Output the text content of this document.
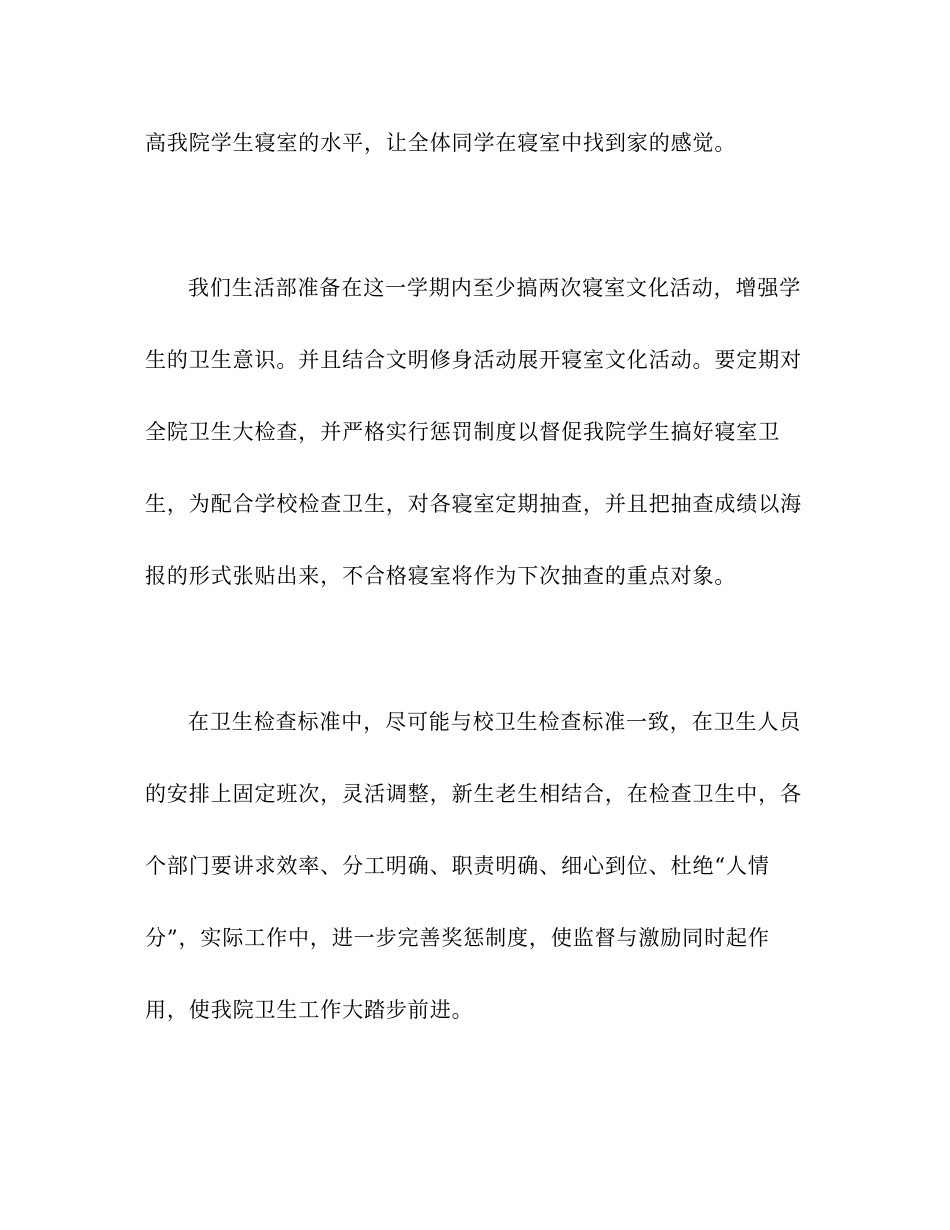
高我院学生寝室的水平，让全体同学在寝室中找到家的感觉。
我们生活部准备在这一学期内至少搞两次寝室文化活动，增强学
生的卫生意识。并且结合文明修身活动展开寝室文化活动。要定期对
全院卫生大检查，并严格实行惩罚制度以督促我院学生搞好寝室卫
生，为配合学校检查卫生，对各寝室定期抽查，并且把抽查成绩以海
报的形式张贴出来，不合格寝室将作为下次抽查的重点对象。
在卫生检查标准中，尽可能与校卫生检查标准一致，在卫生人员
的安排上固定班次，灵活调整，新生老生相结合，在检查卫生中，各
个部门要讲求效率、分工明确、职责明确、细心到位、杜绝“人情
分”，实际工作中，进一步完善奖惩制度，使监督与激励同时起作
用，使我院卫生工作大踏步前进。
